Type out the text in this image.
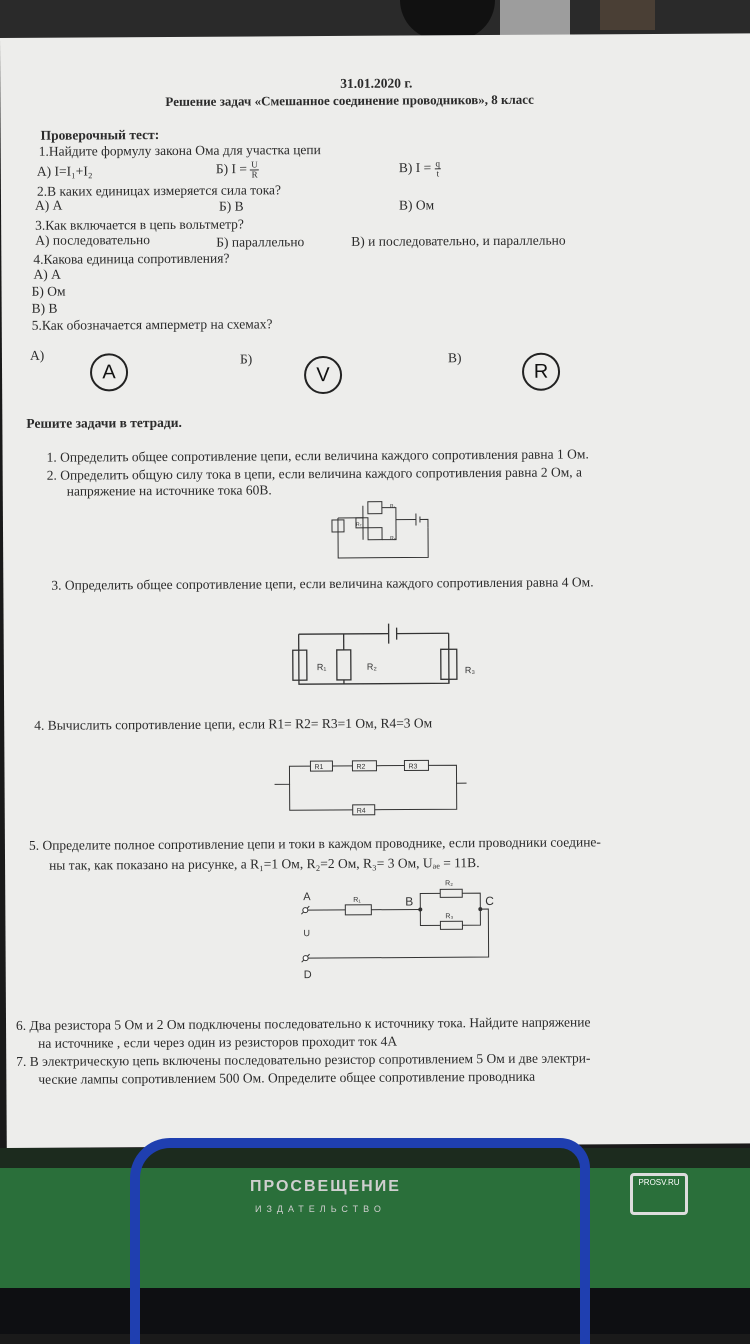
31.01.2020 г.
Решение задач «Смешанное соединение проводников», 8 класс
Проверочный тест:
1.Найдите формулу закона Ома для участка цепи
А) I=I₁+I₂	Б) $I = \frac{U}{R}$	В) $I = \frac{q}{t}$
2.В каких единицах измеряется сила тока?
А) А	Б) В	В) Ом
3.Как включается в цепь вольтметр?
А) последовательно	Б) параллельно	В) и последовательно, и параллельно
4.Какова единица сопротивления?
А) А
Б) Ом
В) В
5.Как обозначается амперметр на схемах?
А)
A
Б)
V
В)
R
Решите задачи в тетради.
1. Определить общее сопротивление цепи, если величина каждого сопротивления равна 1 Ом.
2. Определить общую силу тока в цепи, если величина каждого сопротивления равна 2 Ом, а
напряжение на источнике тока 60В.
R₁
R₂
R₃
3. Определить общее сопротивление цепи, если величина каждого сопротивления равна 4 Ом.
R₁	R₂	R₃
4. Вычислить сопротивление цепи, если R1= R2= R3=1 Ом, R4=3 Ом
R1	R2	R3
R4
5. Определите полное сопротивление цепи и токи в каждом проводнике, если проводники соедине-
ны так, как показано на рисунке, а R₁=1 Ом, R₂=2 Ом, R₃= 3 Ом, Uₐₑ = 11В.
A	B	C
D
U
R₁
R₂
R₃
6. Два резистора 5 Ом и 2 Ом подключены последовательно к источнику тока. Найдите напряжение
на источнике , если через один из резисторов проходит ток 4А
7. В электрическую цепь включены последовательно резистор сопротивлением 5 Ом и две электри-
ческие лампы сопротивлением 500 Ом. Определите общее сопротивление проводника
ПРОСВЕЩЕНИЕ
ИЗДАТЕЛЬСТВО
PROSV.RU
